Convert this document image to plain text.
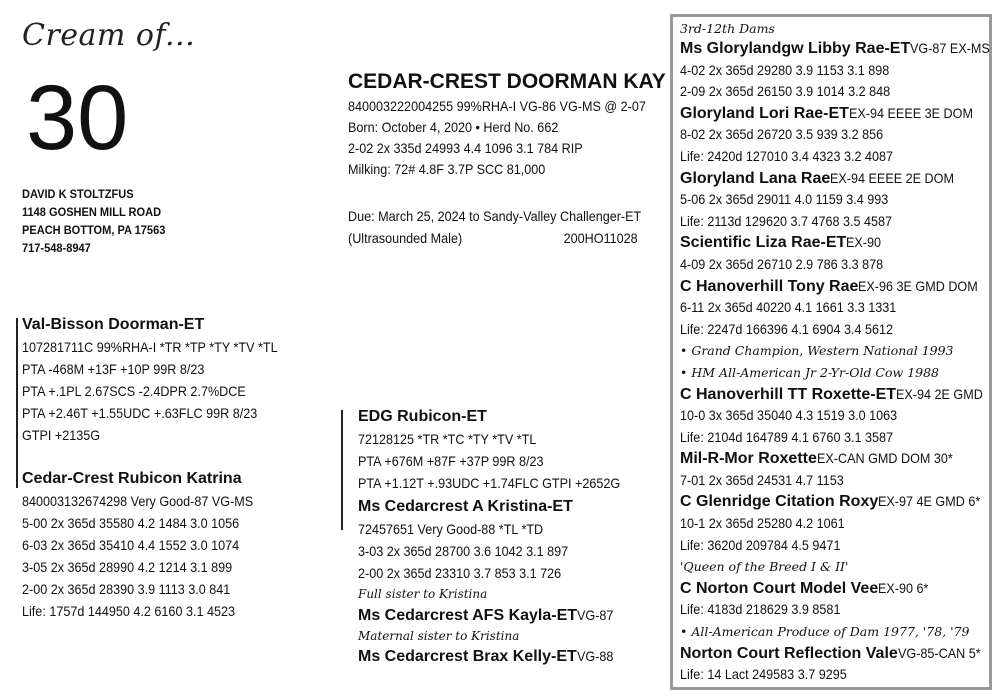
Cream of...
30
DAVID K STOLTZFUS
1148 GOSHEN MILL ROAD
PEACH BOTTOM, PA 17563
717-548-8947
CEDAR-CREST DOORMAN KAY
840003222004255 99%RHA-I VG-86 VG-MS @ 2-07
Born: October 4, 2020 • Herd No. 662
2-02 2x 335d 24993 4.4 1096 3.1 784 RIP
Milking: 72# 4.8F 3.7P SCC 81,000
Due: March 25, 2024 to Sandy-Valley Challenger-ET
(Ultrasounded Male)	200HO11028
Val-Bisson Doorman-ET
107281711C 99%RHA-I *TR *TP *TY *TV *TL
PTA -468M +13F +10P 99R 8/23
PTA +.1PL 2.67SCS -2.4DPR 2.7%DCE
PTA +2.46T +1.55UDC +.63FLC 99R 8/23
GTPI +2135G
Cedar-Crest Rubicon Katrina
840003132674298 Very Good-87 VG-MS
5-00 2x 365d 35580 4.2 1484 3.0 1056
6-03 2x 365d 35410 4.4 1552 3.0 1074
3-05 2x 365d 28990 4.2 1214 3.1 899
2-00 2x 365d 28390 3.9 1113 3.0 841
Life: 1757d 144950 4.2 6160 3.1 4523
EDG Rubicon-ET
72128125 *TR *TC *TY *TV *TL
PTA +676M +87F +37P 99R 8/23
PTA +1.12T +.93UDC +1.74FLC GTPI +2652G
Ms Cedarcrest A Kristina-ET
72457651 Very Good-88 *TL *TD
3-03 2x 365d 28700 3.6 1042 3.1 897
2-00 2x 365d 23310 3.7 853 3.1 726
Full sister to Kristina
Ms Cedarcrest AFS Kayla-ETVG-87
Maternal sister to Kristina
Ms Cedarcrest Brax Kelly-ETVG-88
3rd-12th Dams
Ms Glorylandgw Libby Rae-ETVG-87 EX-MS
4-02 2x 365d 29280 3.9 1153 3.1 898
2-09 2x 365d 26150 3.9 1014 3.2 848
Gloryland Lori Rae-ETEX-94 EEEE 3E DOM
8-02 2x 365d 26720 3.5 939 3.2 856
Life: 2420d 127010 3.4 4323 3.2 4087
Gloryland Lana RaeEX-94 EEEE 2E DOM
5-06 2x 365d 29011 4.0 1159 3.4 993
Life: 2113d 129620 3.7 4768 3.5 4587
Scientific Liza Rae-ETEX-90
4-09 2x 365d 26710 2.9 786 3.3 878
C Hanoverhill Tony RaeEX-96 3E GMD DOM
6-11 2x 365d 40220 4.1 1661 3.3 1331
Life: 2247d 166396 4.1 6904 3.4 5612
• Grand Champion, Western National 1993
• HM All-American Jr 2-Yr-Old Cow 1988
C Hanoverhill TT Roxette-ETEX-94 2E GMD
10-0 3x 365d 35040 4.3 1519 3.0 1063
Life: 2104d 164789 4.1 6760 3.1 3587
Mil-R-Mor RoxetteEX-CAN GMD DOM 30*
7-01 2x 365d 24531 4.7 1153
C Glenridge Citation RoxyEX-97 4E GMD 6*
10-1 2x 365d 25280 4.2 1061
Life: 3620d 209784 4.5 9471
'Queen of the Breed I & II'
C Norton Court Model VeeEX-90 6*
Life: 4183d 218629 3.9 8581
• All-American Produce of Dam 1977, '78, '79
Norton Court Reflection ValeVG-85-CAN 5*
Life: 14 Lact 249583 3.7 9295
